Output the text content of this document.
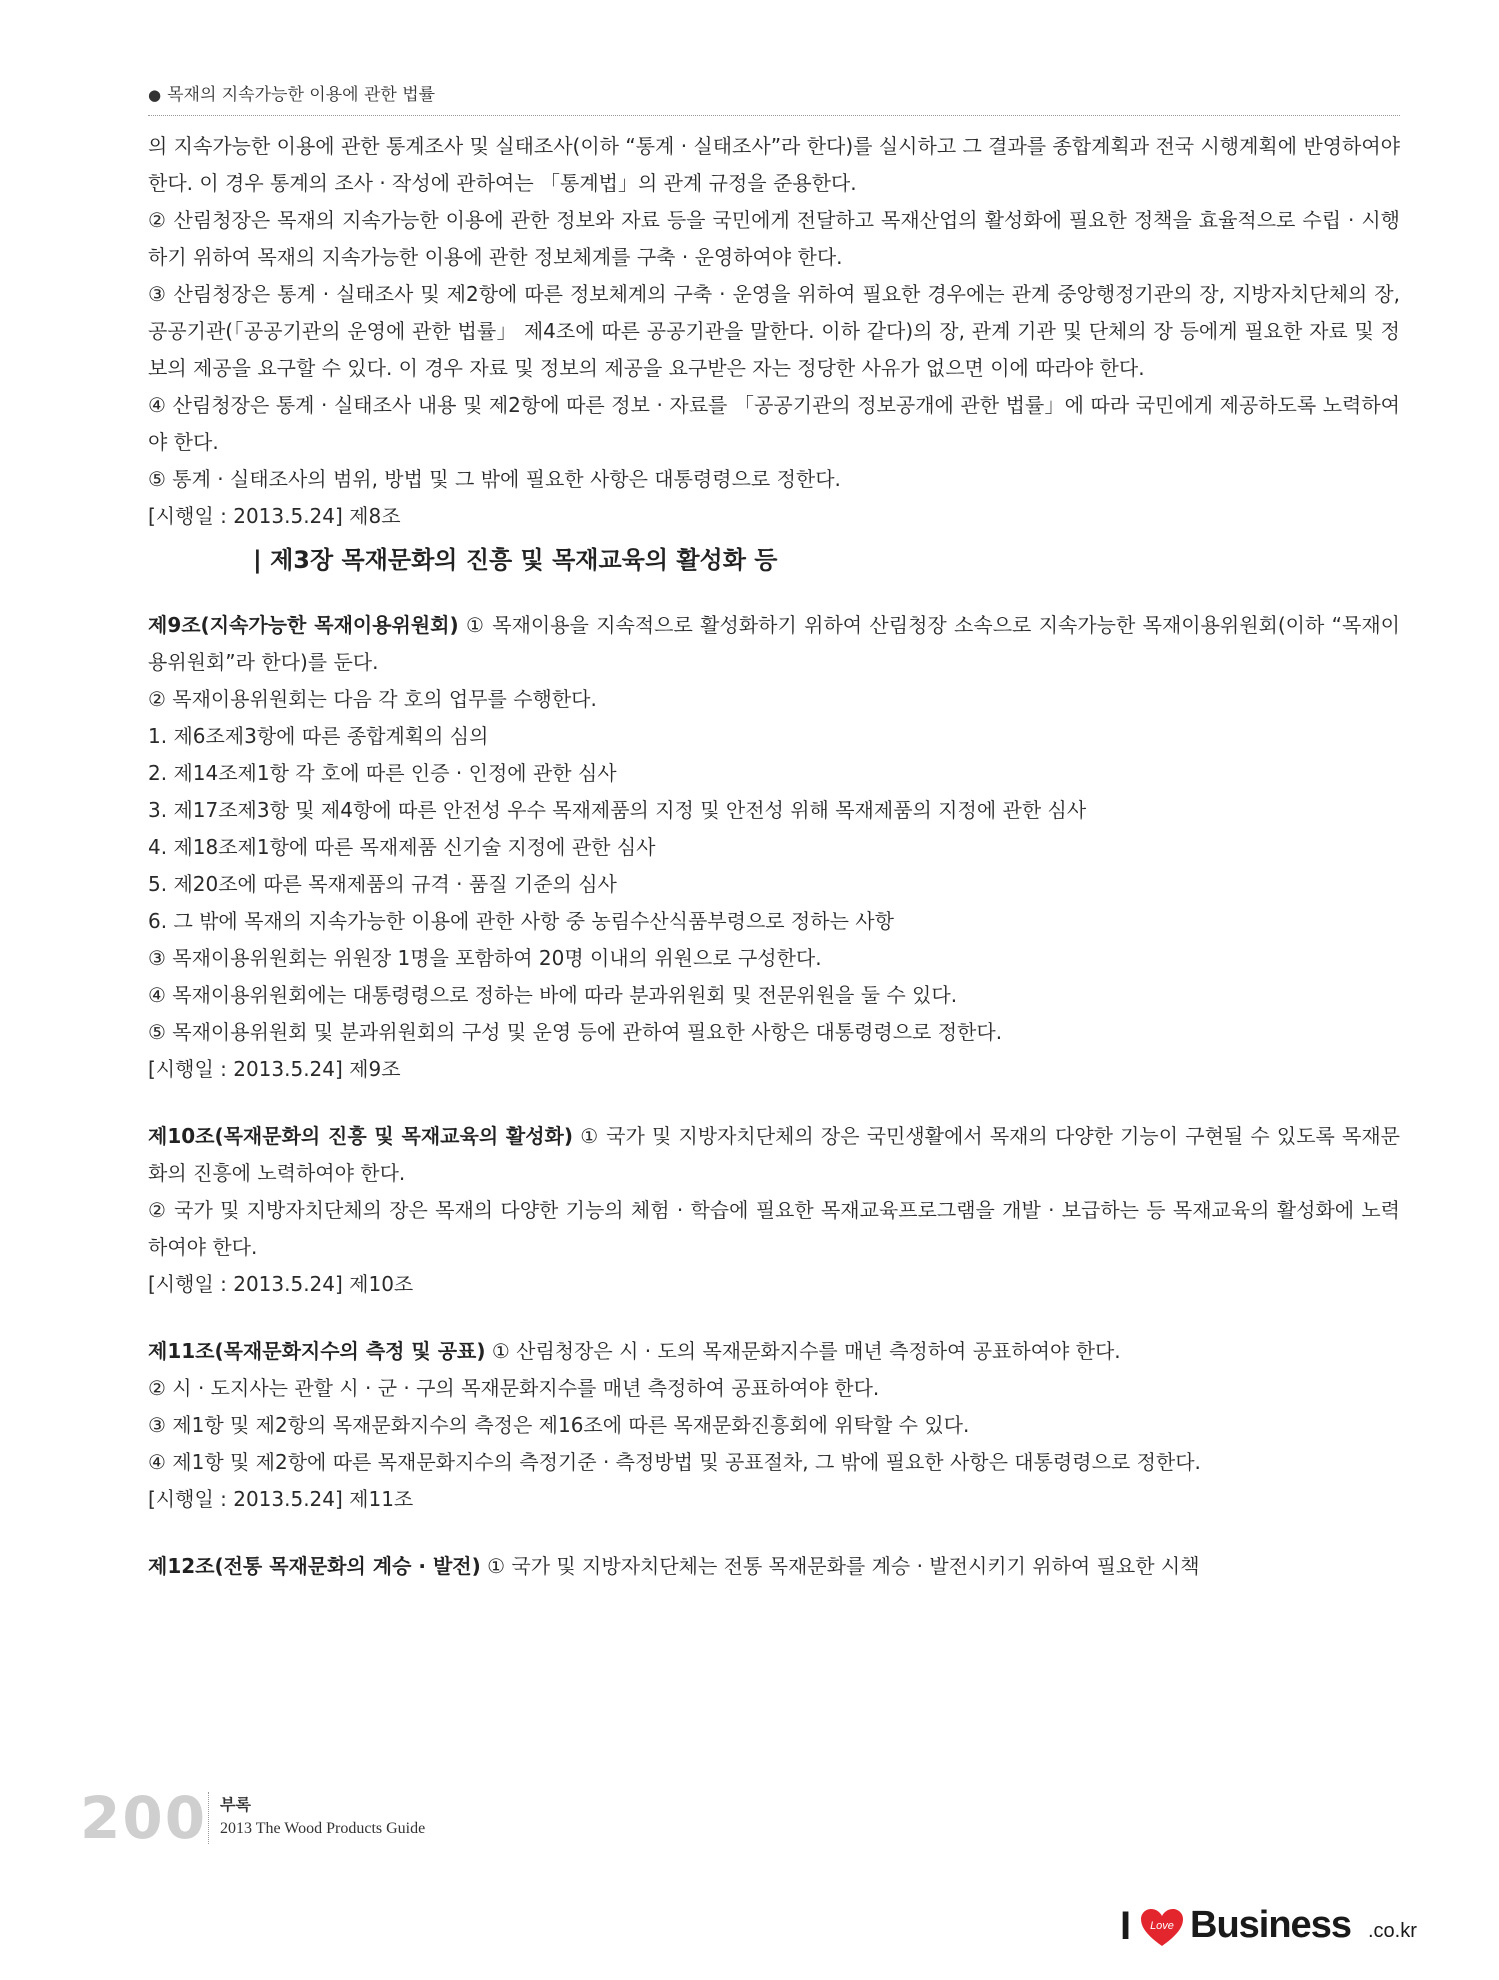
● 목재의 지속가능한 이용에 관한 법률

의 지속가능한 이용에 관한 통계조사 및 실태조사(이하 “통계 · 실태조사”라 한다)를 실시하고 그 결과를 종합계획과 전국 시행계획에 반영하여야 한다. 이 경우 통계의 조사 · 작성에 관하여는 「통계법」의 관계 규정을 준용한다.

② 산림청장은 목재의 지속가능한 이용에 관한 정보와 자료 등을 국민에게 전달하고 목재산업의 활성화에 필요한 정책을 효율적으로 수립 · 시행하기 위하여 목재의 지속가능한 이용에 관한 정보체계를 구축 · 운영하여야 한다.

③ 산림청장은 통계 · 실태조사 및 제2항에 따른 정보체계의 구축 · 운영을 위하여 필요한 경우에는 관계 중앙행정기관의 장, 지방자치단체의 장, 공공기관(「공공기관의 운영에 관한 법률」 제4조에 따른 공공기관을 말한다. 이하 같다)의 장, 관계 기관 및 단체의 장 등에게 필요한 자료 및 정보의 제공을 요구할 수 있다. 이 경우 자료 및 정보의 제공을 요구받은 자는 정당한 사유가 없으면 이에 따라야 한다.

④ 산림청장은 통계 · 실태조사 내용 및 제2항에 따른 정보 · 자료를 「공공기관의 정보공개에 관한 법률」에 따라 국민에게 제공하도록 노력하여야 한다.

⑤ 통계 · 실태조사의 범위, 방법 및 그 밖에 필요한 사항은 대통령령으로 정한다.

[시행일 : 2013.5.24] 제8조

| 제3장 목재문화의 진흥 및 목재교육의 활성화 등

제9조(지속가능한 목재이용위원회) ① 목재이용을 지속적으로 활성화하기 위하여 산림청장 소속으로 지속가능한 목재이용위원회(이하 “목재이용위원회”라 한다)를 둔다.

② 목재이용위원회는 다음 각 호의 업무를 수행한다.

1. 제6조제3항에 따른 종합계획의 심의

2. 제14조제1항 각 호에 따른 인증 · 인정에 관한 심사

3. 제17조제3항 및 제4항에 따른 안전성 우수 목재제품의 지정 및 안전성 위해 목재제품의 지정에 관한 심사

4. 제18조제1항에 따른 목재제품 신기술 지정에 관한 심사

5. 제20조에 따른 목재제품의 규격 · 품질 기준의 심사

6. 그 밖에 목재의 지속가능한 이용에 관한 사항 중 농림수산식품부령으로 정하는 사항

③ 목재이용위원회는 위원장 1명을 포함하여 20명 이내의 위원으로 구성한다.

④ 목재이용위원회에는 대통령령으로 정하는 바에 따라 분과위원회 및 전문위원을 둘 수 있다.

⑤ 목재이용위원회 및 분과위원회의 구성 및 운영 등에 관하여 필요한 사항은 대통령령으로 정한다.

[시행일 : 2013.5.24] 제9조

제10조(목재문화의 진흥 및 목재교육의 활성화) ① 국가 및 지방자치단체의 장은 국민생활에서 목재의 다양한 기능이 구현될 수 있도록 목재문화의 진흥에 노력하여야 한다.

② 국가 및 지방자치단체의 장은 목재의 다양한 기능의 체험 · 학습에 필요한 목재교육프로그램을 개발 · 보급하는 등 목재교육의 활성화에 노력하여야 한다.

[시행일 : 2013.5.24] 제10조

제11조(목재문화지수의 측정 및 공표) ① 산림청장은 시 · 도의 목재문화지수를 매년 측정하여 공표하여야 한다.

② 시 · 도지사는 관할 시 · 군 · 구의 목재문화지수를 매년 측정하여 공표하여야 한다.

③ 제1항 및 제2항의 목재문화지수의 측정은 제16조에 따른 목재문화진흥회에 위탁할 수 있다.

④ 제1항 및 제2항에 따른 목재문화지수의 측정기준 · 측정방법 및 공표절차, 그 밖에 필요한 사항은 대통령령으로 정한다.

[시행일 : 2013.5.24] 제11조

제12조(전통 목재문화의 계승 · 발전) ① 국가 및 지방자치단체는 전통 목재문화를 계승 · 발전시키기 위하여 필요한 시책

200 부록
2013 The Wood Products Guide
I Love Business .co.kr
